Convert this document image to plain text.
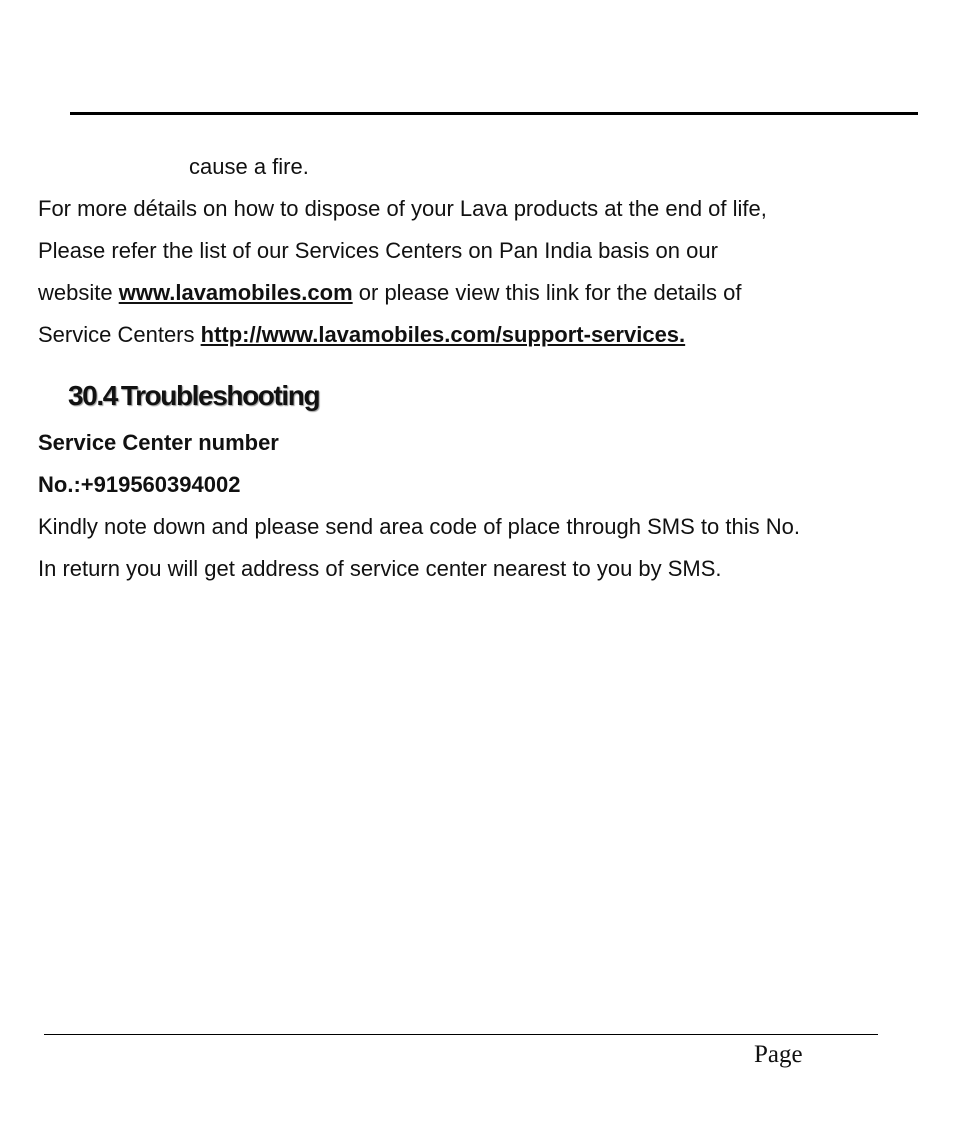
cause a fire.
For more détails on how to dispose of your Lava products at the end of life,
Please refer the list of our Services Centers on Pan India basis on our
website www.lavamobiles.com or please view this link for the details of
Service Centers http://www.lavamobiles.com/support-services.
30.4 Troubleshooting
Service Center number
No.:+919560394002
Kindly note down and please send area code of place through SMS to this No.
In return you will get address of service center nearest to you by SMS.
Page
